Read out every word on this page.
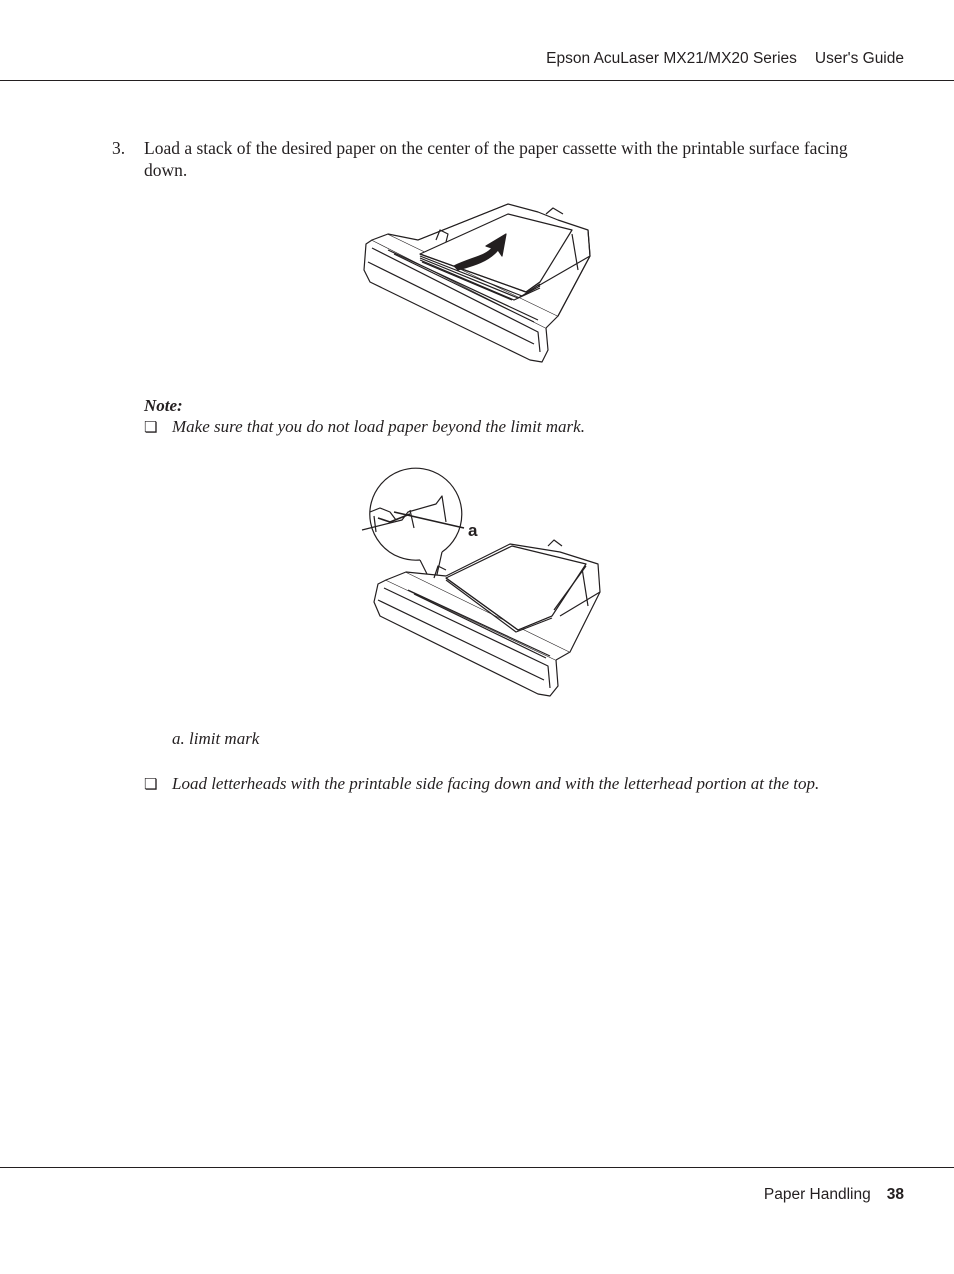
Epson AcuLaser MX21/MX20 Series User's Guide
3. Load a stack of the desired paper on the center of the paper cassette with the printable surface facing down.
Note:
❏ Make sure that you do not load paper beyond the limit mark.
a
a. limit mark
❏ Load letterheads with the printable side facing down and with the letterhead portion at the top.
Paper Handling 38
